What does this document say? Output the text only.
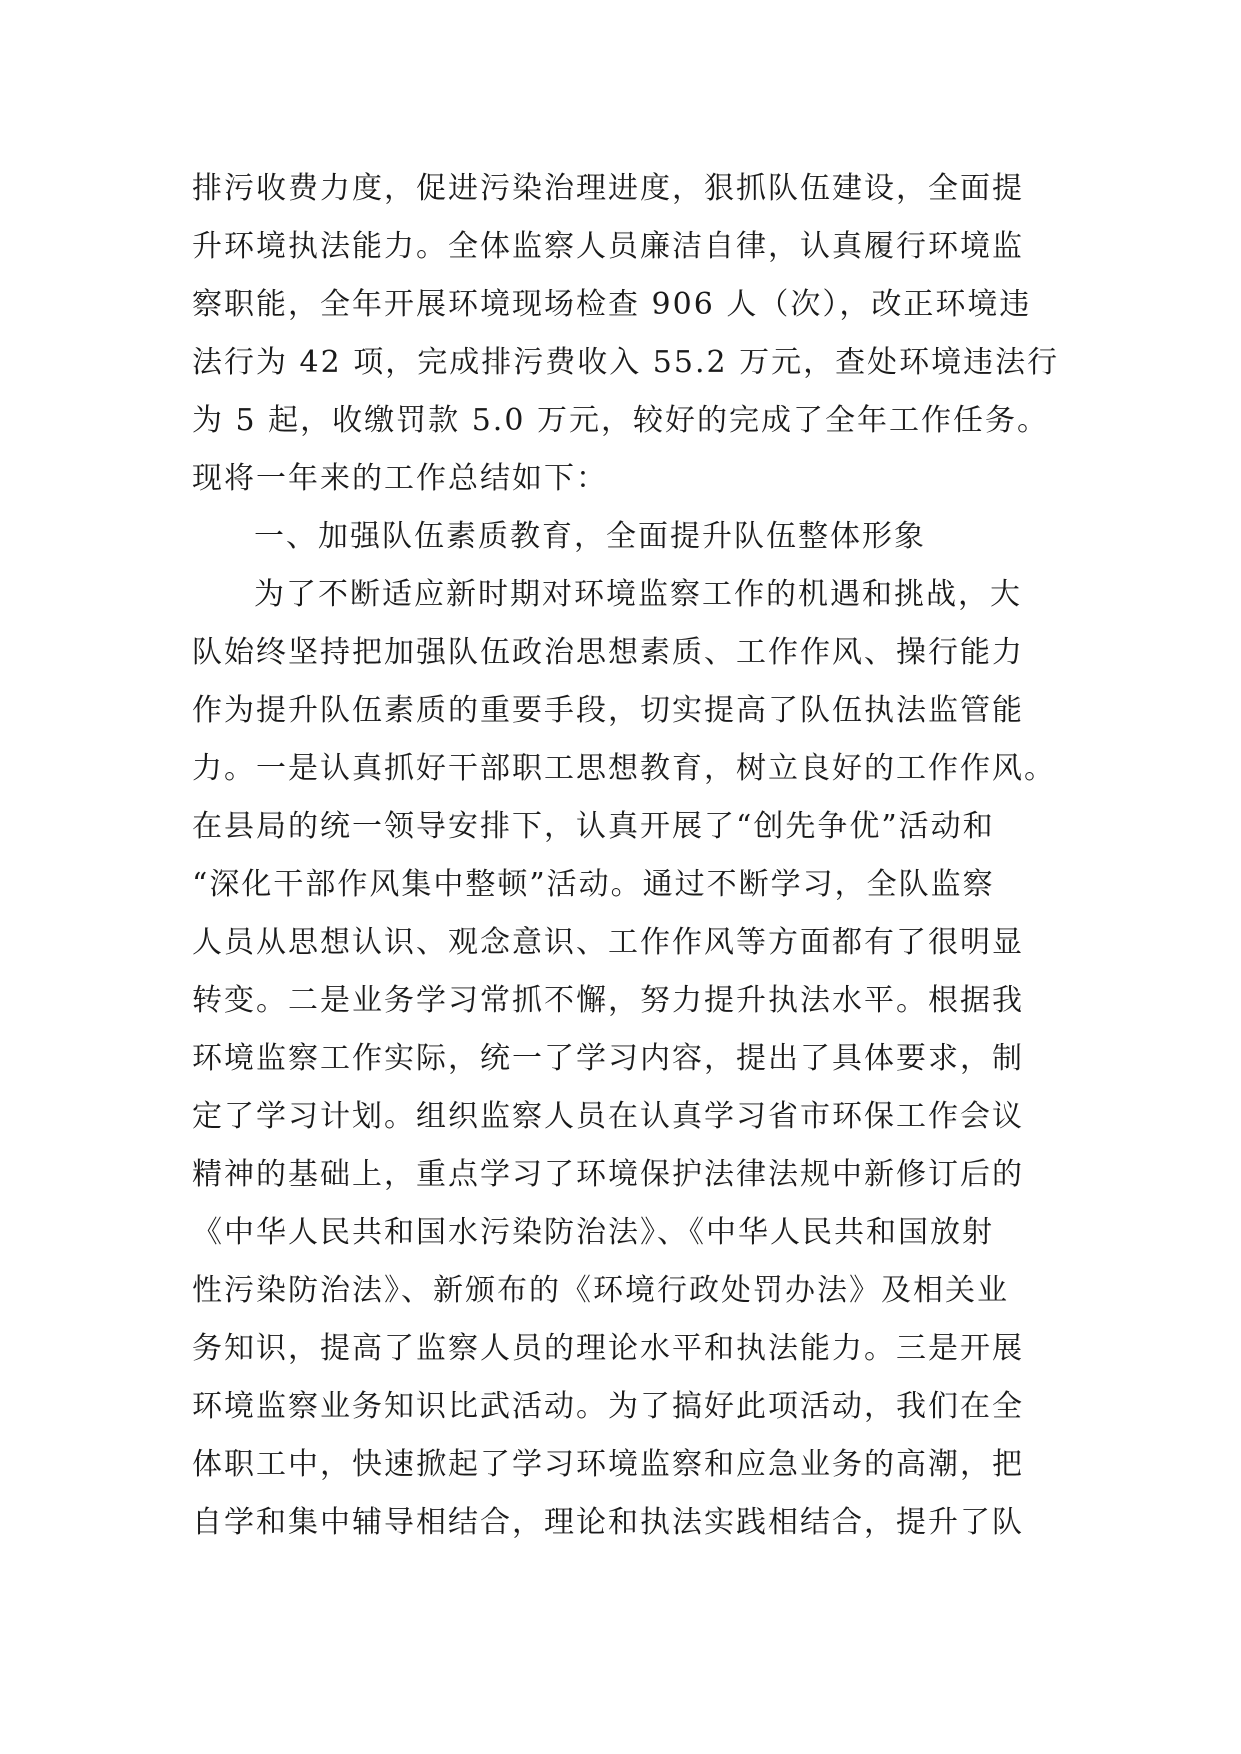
排污收费力度，促进污染治理进度，狠抓队伍建设，全面提
升环境执法能力。全体监察人员廉洁自律，认真履行环境监
察职能，全年开展环境现场检查 906 人（次），改正环境违
法行为 42 项，完成排污费收入 55.2 万元，查处环境违法行
为 5 起，收缴罚款 5.0 万元，较好的完成了全年工作任务。
现将一年来的工作总结如下：
一、加强队伍素质教育，全面提升队伍整体形象
为了不断适应新时期对环境监察工作的机遇和挑战，大
队始终坚持把加强队伍政治思想素质、工作作风、操行能力
作为提升队伍素质的重要手段，切实提高了队伍执法监管能
力。一是认真抓好干部职工思想教育，树立良好的工作作风。
在县局的统一领导安排下，认真开展了“创先争优”活动和
“深化干部作风集中整顿”活动。通过不断学习，全队监察
人员从思想认识、观念意识、工作作风等方面都有了很明显
转变。二是业务学习常抓不懈，努力提升执法水平。根据我
环境监察工作实际，统一了学习内容，提出了具体要求，制
定了学习计划。组织监察人员在认真学习省市环保工作会议
精神的基础上，重点学习了环境保护法律法规中新修订后的
《中华人民共和国水污染防治法》、《中华人民共和国放射
性污染防治法》、新颁布的《环境行政处罚办法》及相关业
务知识，提高了监察人员的理论水平和执法能力。三是开展
环境监察业务知识比武活动。为了搞好此项活动，我们在全
体职工中，快速掀起了学习环境监察和应急业务的高潮，把
自学和集中辅导相结合，理论和执法实践相结合，提升了队
